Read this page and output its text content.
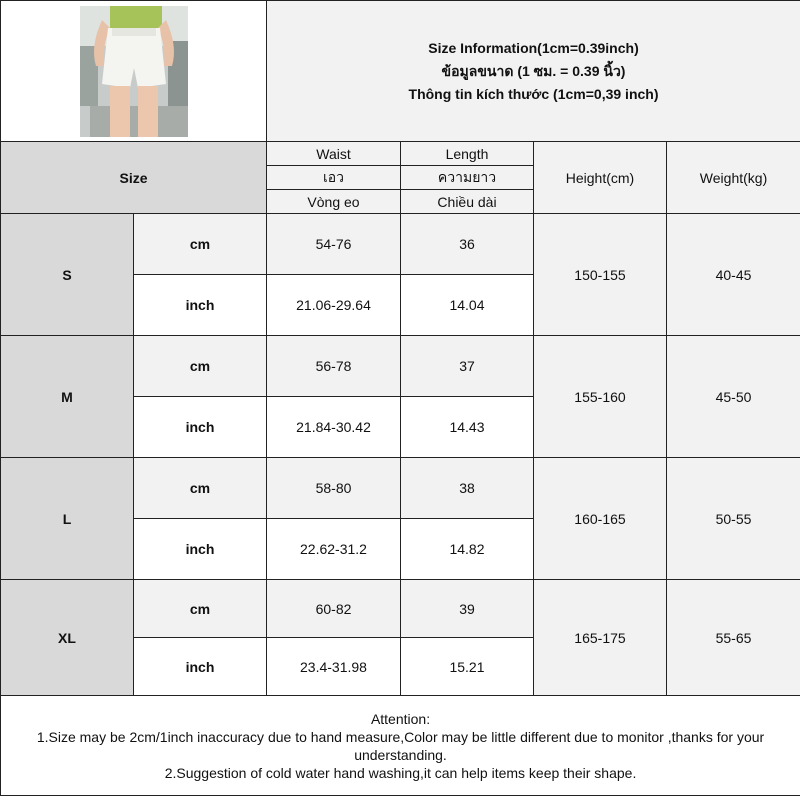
Size Information(1cm=0.39inch)
ข้อมูลขนาด (1 ซม. = 0.39 นิ้ว)
Thông tin kích thước (1cm=0,39 inch)			

Size		Waist	Length	Height(cm)	Weight(kg)
		เอว	ความยาว		
		Vòng eo	Chiều dài		
S	cm	54-76	36	150-155	40-45
	inch	21.06-29.64	14.04		
M	cm	56-78	37	155-160	45-50
	inch	21.84-30.42	14.43		
L	cm	58-80	38	160-165	50-55
	inch	22.62-31.2	14.82		
XL	cm	60-82	39	165-175	55-65
	inch	23.4-31.98	15.21		

Attention:
1.Size may be 2cm/1inch inaccuracy due to hand measure,Color may be little different due to monitor ,thanks for your understanding.
2.Suggestion of cold water hand washing,it can help items keep their shape.					
